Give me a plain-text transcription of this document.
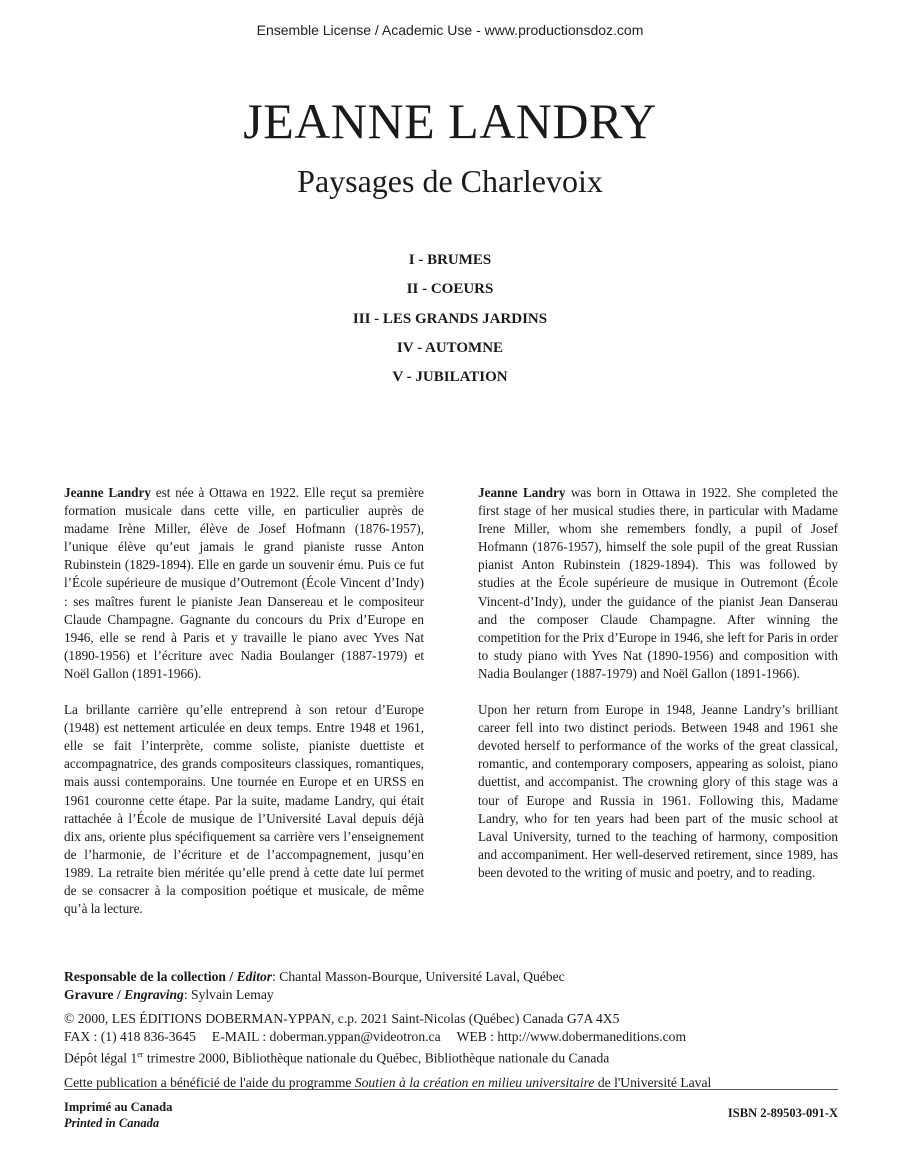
Ensemble License / Academic Use - www.productionsdoz.com
JEANNE LANDRY
Paysages de Charlevoix
I - BRUMES
II - COEURS
III - LES GRANDS JARDINS
IV - AUTOMNE
V - JUBILATION

Jeanne Landry est née à Ottawa en 1922. Elle reçut sa première formation musicale dans cette ville, en particulier auprès de madame Irène Miller, élève de Josef Hofmann (1876-1957), l’unique élève qu’eut jamais le grand pianiste russe Anton Rubinstein (1829-1894). Elle en garde un souvenir ému. Puis ce fut l’École supérieure de musique d’Outremont (École Vincent d’Indy) : ses maîtres furent le pianiste Jean Dansereau et le compositeur Claude Champagne. Gagnante du concours du Prix d’Europe en 1946, elle se rend à Paris et y travaille le piano avec Yves Nat (1890-1956) et l’écriture avec Nadia Boulanger (1887-1979) et Noël Gallon (1891-1966).

La brillante carrière qu’elle entreprend à son retour d’Europe (1948) est nettement articulée en deux temps. Entre 1948 et 1961, elle se fait l’interprète, comme soliste, pianiste duettiste et accompagnatrice, des grands compositeurs classiques, romantiques, mais aussi contemporains. Une tournée en Europe et en URSS en 1961 couronne cette étape. Par la suite, madame Landry, qui était rattachée à l’École de musique de l’Université Laval depuis déjà dix ans, oriente plus spécifiquement sa carrière vers l’enseignement de l’harmonie, de l’écriture et de l’accompagnement, jusqu’en 1989. La retraite bien méritée qu’elle prend à cette date lui permet de se consacrer à la composition poétique et musicale, de même qu’à la lecture.

Jeanne Landry was born in Ottawa in 1922. She completed the first stage of her musical studies there, in particular with Madame Irene Miller, whom she remembers fondly, a pupil of Josef Hofmann (1876-1957), himself the sole pupil of the great Russian pianist Anton Rubinstein (1829-1894). This was followed by studies at the École supérieure de musique in Outremont (École Vincent-d’Indy), under the guidance of the pianist Jean Danserau and the composer Claude Champagne. After winning the competition for the Prix d’Europe in 1946, she left for Paris in order to study piano with Yves Nat (1890-1956) and composition with Nadia Boulanger (1887-1979) and Noël Gallon (1891-1966).

Upon her return from Europe in 1948, Jeanne Landry’s brilliant career fell into two distinct periods. Between 1948 and 1961 she devoted herself to performance of the works of the great classical, romantic, and contemporary composers, appearing as soloist, piano duettist, and accompanist. The crowning glory of this stage was a tour of Europe and Russia in 1961. Following this, Madame Landry, who for ten years had been part of the music school at Laval University, turned to the teaching of harmony, composition and accompaniment. Her well-deserved retirement, since 1989, has been devoted to the writing of music and poetry, and to reading.

Responsable de la collection / Editor: Chantal Masson-Bourque, Université Laval, Québec
Gravure / Engraving: Sylvain Lemay
© 2000, LES ÉDITIONS DOBERMAN-YPPAN, c.p. 2021 Saint-Nicolas (Québec) Canada G7A 4X5
FAX : (1) 418 836-3645 E-MAIL : doberman.yppan@videotron.ca WEB : http://www.dobermaneditions.com
Dépôt légal 1er trimestre 2000, Bibliothèque nationale du Québec, Bibliothèque nationale du Canada
Cette publication a bénéficié de l'aide du programme Soutien à la création en milieu universitaire de l'Université Laval
Imprimé au Canada
Printed in Canada
ISBN 2-89503-091-X
